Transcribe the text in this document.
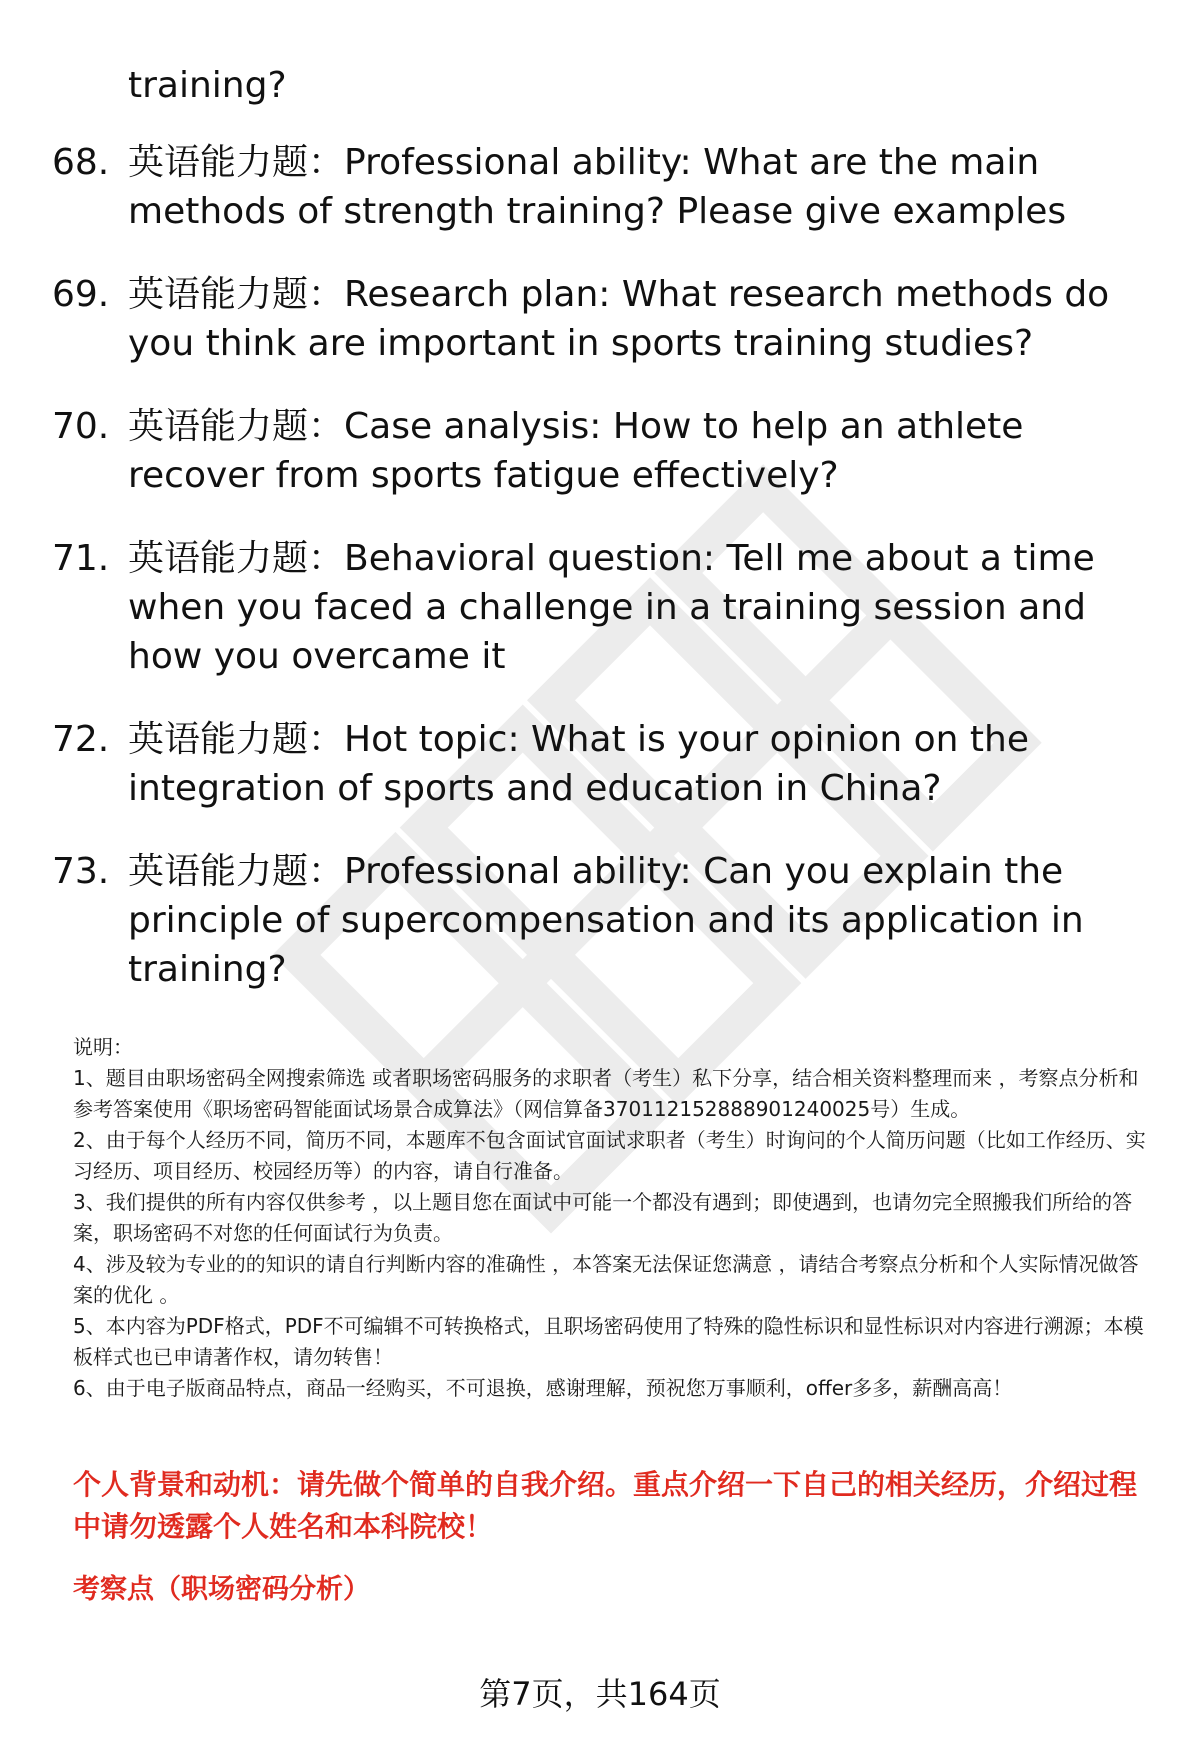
training?

68. 英语能力题：Professional ability: What are the main methods of strength training? Please give examples
69. 英语能力题：Research plan: What research methods do you think are important in sports training studies?
70. 英语能力题：Case analysis: How to help an athlete recover from sports fatigue effectively?
71. 英语能力题：Behavioral question: Tell me about a time when you faced a challenge in a training session and how you overcame it
72. 英语能力题：Hot topic: What is your opinion on the integration of sports and education in China?
73. 英语能力题：Professional ability: Can you explain the principle of supercompensation and its application in training?

说明：

1、题目由职场密码全网搜索筛选 或者职场密码服务的求职者（考生）私下分享，结合相关资料整理而来 ，考察点分析和参考答案使用《职场密码智能面试场景合成算法》（网信算备370112152888901240025号）生成。

2、由于每个人经历不同，简历不同，本题库不包含面试官面试求职者（考生）时询问的个人简历问题（比如工作经历、实习经历、项目经历、校园经历等）的内容，请自行准备。

3、我们提供的所有内容仅供参考 ，以上题目您在面试中可能一个都没有遇到；即使遇到，也请勿完全照搬我们所给的答案，职场密码不对您的任何面试行为负责。

4、涉及较为专业的的知识的请自行判断内容的准确性 ，本答案无法保证您满意 ，请结合考察点分析和个人实际情况做答案的优化 。

5、本内容为PDF格式，PDF不可编辑不可转换格式，且职场密码使用了特殊的隐性标识和显性标识对内容进行溯源；本模板样式也已申请著作权，请勿转售！

6、由于电子版商品特点，商品一经购买，不可退换，感谢理解，预祝您万事顺利，offer多多，薪酬高高！

个人背景和动机：请先做个简单的自我介绍。重点介绍一下自己的相关经历，介绍过程中请勿透露个人姓名和本科院校！

考察点（职场密码分析）

第7页，共164页
